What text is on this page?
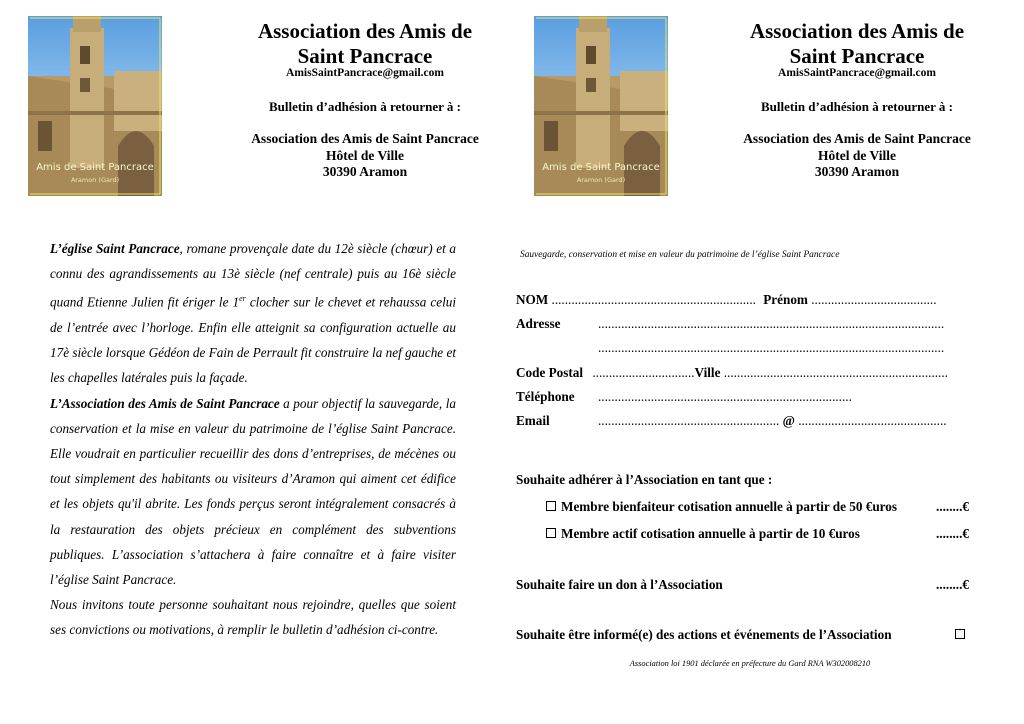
Amis de Saint Pancrace
Aramon (Gard)
Association des Amis de
Saint Pancrace
AmisSaintPancrace@gmail.com
Bulletin d’adhésion à retourner à :
Association des Amis de Saint Pancrace
Hôtel de Ville
30390 Aramon	Amis de Saint Pancrace
Aramon (Gard)
Association des Amis de
Saint Pancrace
AmisSaintPancrace@gmail.com
Bulletin d’adhésion à retourner à :
Association des Amis de Saint Pancrace
Hôtel de Ville
30390 Aramon

L’église Saint Pancrace, romane provençale date du 12è siècle (chœur) et a connu des agrandissements au 13è siècle (nef centrale) puis au 16è siècle quand Etienne Julien fit ériger le 1er clocher sur le chevet et rehaussa celui de l’entrée avec l’horloge. Enfin elle atteignit sa configuration actuelle au 17è siècle lorsque Gédéon de Fain de Perrault fit construire la nef gauche et les chapelles latérales puis la façade.

L’Association des Amis de Saint Pancrace a pour objectif la sauvegarde, la conservation et la mise en valeur du patrimoine de l’église Saint Pancrace. Elle voudrait en particulier recueillir des dons d’entreprises, de mécènes ou tout simplement des habitants ou visiteurs d’Aramon qui aiment cet édifice et les objets qu'il abrite. Les fonds perçus seront intégralement consacrés à la restauration des objets précieux en complément des subventions publiques. L’association s’attachera à faire connaître et à faire visiter l’église Saint Pancrace.

Nous invitons toute personne souhaitant nous rejoindre, quelles que soient ses convictions ou motivations, à remplir le bulletin d’adhésion ci-contre.

Sauvegarde, conservation et mise en valeur du patrimoine de l’église Saint Pancrace
NOM .............................................................. Prénom ......................................
Adresse	.........................................................................................................
.........................................................................................................
Code Postal ...............................Ville ....................................................................
Téléphone .............................................................................
Email	....................................................... @ .............................................
Souhaite adhérer à l’Association en tant que :
Membre bienfaiteur cotisation annuelle à partir de 50 €uros	........€
Membre actif cotisation annuelle à partir de 10 €uros	........€
Souhaite faire un don à l’Association	........€
Souhaite être informé(e) des actions et événements de l’Association
Association loi 1901 déclarée en préfecture du Gard RNA W302008210
